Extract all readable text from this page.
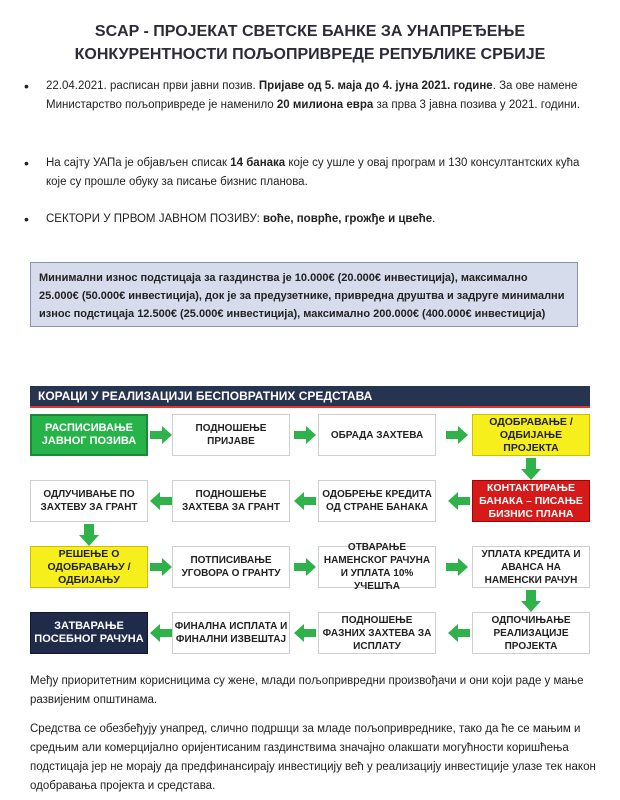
SCAP - ПРОЈЕКАТ СВЕТСКЕ БАНКЕ ЗА УНАПРЕЂЕЊЕ
КОНКУРЕНТНОСТИ ПОЉОПРИВРЕДЕ РЕПУБЛИКЕ СРБИЈЕ
• 22.04.2021. расписан први јавни позив. Пријаве од 5. маја до 4. јуна 2021. године. За ове намене Министарство пољопривреде је наменило 20 милиона евра за прва 3 јавна позива у 2021. години.
• На сајту УАПа је објављен списак 14 банака које су ушле у овај програм и 130 консултантских кућа које су прошле обуку за писање бизнис планова.
• СЕКТОРИ У ПРВОМ ЈАВНОМ ПОЗИВУ: воће, поврће, грожђе и цвеће.
Минимални износ подстицаја за газдинства је 10.000€ (20.000€ инвестиција), максимално 25.000€ (50.000€ инвестиција), док је за предузетнике, привредна друштва и задруге минимални износ подстицаја 12.500€ (25.000€ инвестиција), максимално 200.000€ (400.000€ инвестиција)
КОРАЦИ У РЕАЛИЗАЦИЈИ БЕСПОВРАТНИХ СРЕДСТАВА
РАСПИСИВАЊЕ ЈАВНОГ ПОЗИВА
ПОДНОШЕЊЕ ПРИЈАВЕ
ОБРАДА ЗАХТЕВА
ОДОБРАВАЊЕ / ОДБИЈАЊЕ ПРОЈЕКТА
ОДЛУЧИВАЊЕ ПО ЗАХТЕВУ ЗА ГРАНТ
ПОДНОШЕЊЕ ЗАХТЕВА ЗА ГРАНТ
ОДОБРЕЊЕ КРЕДИТА ОД СТРАНЕ БАНАКА
КОНТАКТИРАЊЕ БАНАКА – ПИСАЊЕ БИЗНИС ПЛАНА
РЕШЕЊЕ О ОДОБРАВАЊУ / ОДБИЈАЊУ
ПОТПИСИВАЊЕ УГОВОРА О ГРАНТУ
ОТВАРАЊЕ НАМЕНСКОГ РАЧУНА И УПЛАТА 10% УЧЕШЋА
УПЛАТА КРЕДИТА И АВАНСА НА НАМЕНСКИ РАЧУН
ЗАТВАРАЊЕ ПОСЕБНОГ РАЧУНА
ФИНАЛНА ИСПЛАТА И ФИНАЛНИ ИЗВЕШТАЈ
ПОДНОШЕЊЕ ФАЗНИХ ЗАХТЕВА ЗА ИСПЛАТУ
ОДПОЧИЊАЊЕ РЕАЛИЗАЦИЈЕ ПРОЈЕКТА
Међу приоритетним корисницима су жене, млади пољопривредни произвођачи и они који раде у мање развијеним општинама.
Средства се обезбеђују унапред, слично подршци за младе пољопривреднике, тако да ће се мањим и средњим али комерцијално оријентисаним газдинствима значајно олакшати могућности коришћења подстицаја јер не морају да предфинансирају инвестицију већ у реализацију инвестиције улазе тек након одобравања пројекта и средстава.
